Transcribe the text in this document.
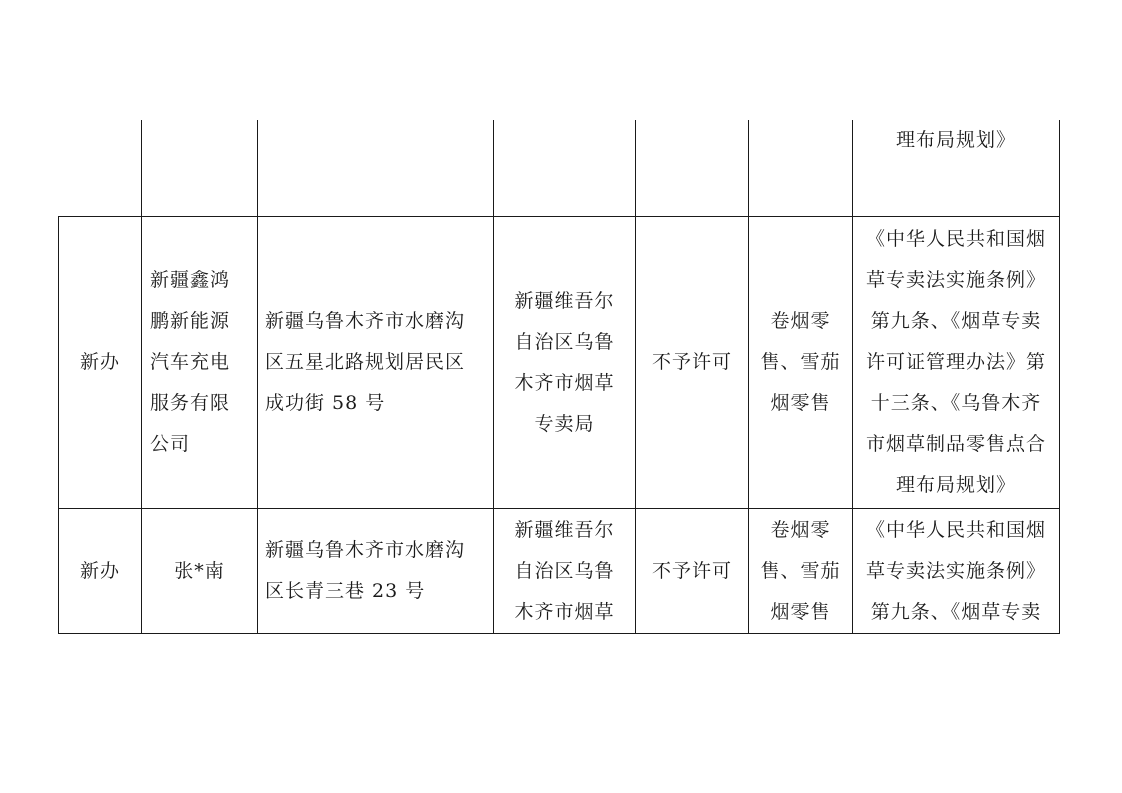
理布局规划》
新办
新疆鑫鸿
鹏新能源
汽车充电
服务有限
公司
新疆乌鲁木齐市水磨沟
区五星北路规划居民区
成功街 58 号
新疆维吾尔
自治区乌鲁
木齐市烟草
专卖局
不予许可
卷烟零
售、雪茄
烟零售
《中华人民共和国烟
草专卖法实施条例》
第九条、《烟草专卖
许可证管理办法》第
十三条、《乌鲁木齐
市烟草制品零售点合
理布局规划》
新办	张*南
新疆乌鲁木齐市水磨沟
区长青三巷 23 号
新疆维吾尔
自治区乌鲁
木齐市烟草
不予许可
卷烟零
售、雪茄
烟零售
《中华人民共和国烟
草专卖法实施条例》
第九条、《烟草专卖
